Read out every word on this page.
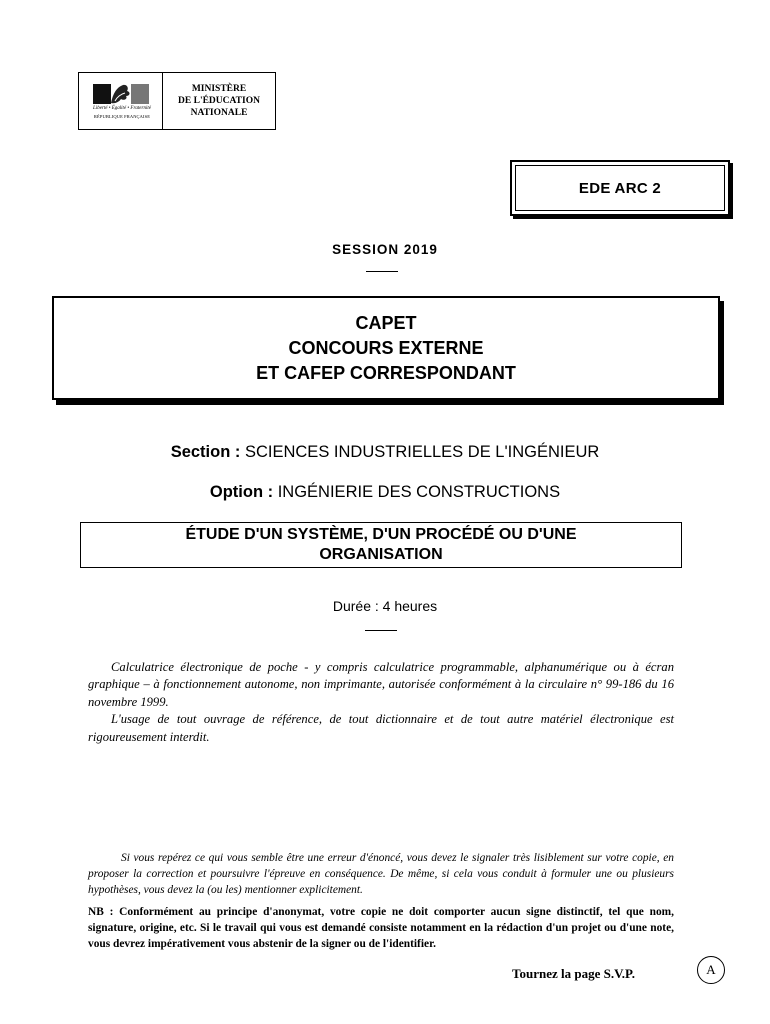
Liberté • Égalité • Fraternité
RÉPUBLIQUE FRANÇAISE
MINISTÈRE
DE L'ÉDUCATION
NATIONALE
EDE ARC 2
SESSION 2019
CAPET
CONCOURS EXTERNE
ET CAFEP CORRESPONDANT
Section : SCIENCES INDUSTRIELLES DE L'INGÉNIEUR
Option : INGÉNIERIE DES CONSTRUCTIONS
ÉTUDE D'UN SYSTÈME, D'UN PROCÉDÉ OU D'UNE
ORGANISATION
Durée : 4 heures

Calculatrice électronique de poche - y compris calculatrice programmable, alphanumérique ou à écran graphique – à fonctionnement autonome, non imprimante, autorisée conformément à la circulaire n° 99-186 du 16 novembre 1999.

L'usage de tout ouvrage de référence, de tout dictionnaire et de tout autre matériel électronique est rigoureusement interdit.

Si vous repérez ce qui vous semble être une erreur d'énoncé, vous devez le signaler très lisiblement sur votre copie, en proposer la correction et poursuivre l'épreuve en conséquence. De même, si cela vous conduit à formuler une ou plusieurs hypothèses, vous devez la (ou les) mentionner explicitement.

NB : Conformément au principe d'anonymat, votre copie ne doit comporter aucun signe distinctif, tel que nom, signature, origine, etc. Si le travail qui vous est demandé consiste notamment en la rédaction d'un projet ou d'une note, vous devrez impérativement vous abstenir de la signer ou de l'identifier.
Tournez la page S.V.P.	A
